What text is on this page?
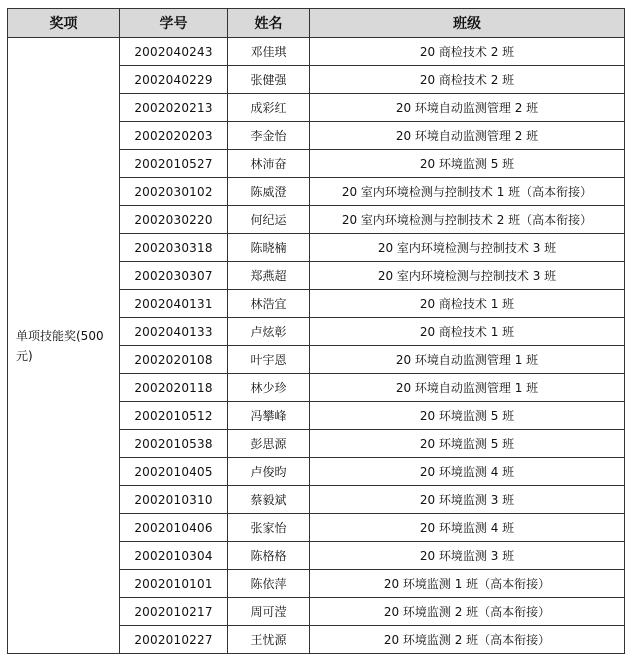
奖项	学号	姓名	班级
单项技能奖(500元)	2002040243	邓佳琪	20 商检技术 2 班
	2002040229	张健强	20 商检技术 2 班
	2002020213	成彩红	20 环境自动监测管理 2 班
	2002020203	李金怡	20 环境自动监测管理 2 班
	2002010527	林沛奋	20 环境监测 5 班
	2002030102	陈威澄	20 室内环境检测与控制技术 1 班（高本衔接）
	2002030220	何纪运	20 室内环境检测与控制技术 2 班（高本衔接）
	2002030318	陈晓楠	20 室内环境检测与控制技术 3 班
	2002030307	郑燕超	20 室内环境检测与控制技术 3 班
	2002040131	林浩宜	20 商检技术 1 班
	2002040133	卢炫彰	20 商检技术 1 班
	2002020108	叶宇恩	20 环境自动监测管理 1 班
	2002020118	林少珍	20 环境自动监测管理 1 班
	2002010512	冯攀峰	20 环境监测 5 班
	2002010538	彭思源	20 环境监测 5 班
	2002010405	卢俊昀	20 环境监测 4 班
	2002010310	蔡毅斌	20 环境监测 3 班
	2002010406	张家怡	20 环境监测 4 班
	2002010304	陈格格	20 环境监测 3 班
	2002010101	陈依萍	20 环境监测 1 班（高本衔接）
	2002010217	周可滢	20 环境监测 2 班（高本衔接）
	2002010227	王忧源	20 环境监测 2 班（高本衔接）
